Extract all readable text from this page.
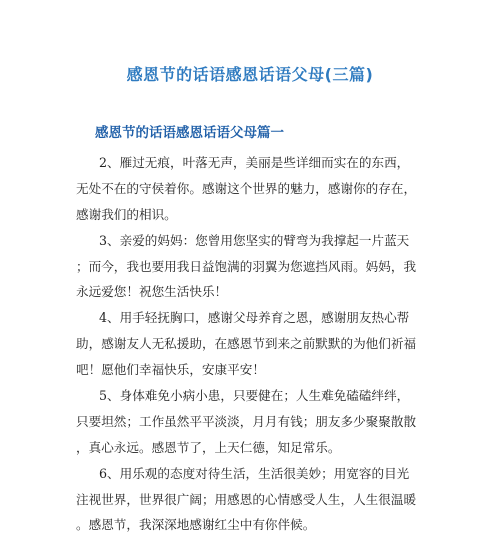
感恩节的话语感恩话语父母(三篇)
感恩节的话语感恩话语父母篇一
2、雁过无痕，叶落无声，美丽是些详细而实在的东西，
无处不在的守侯着你。感谢这个世界的魅力，感谢你的存在，
感谢我们的相识。
3、亲爱的妈妈：您曾用您坚实的臂弯为我撑起一片蓝天
；而今，我也要用我日益饱满的羽翼为您遮挡风雨。妈妈，我
永远爱您！祝您生活快乐！
4、用手轻抚胸口，感谢父母养育之恩，感谢朋友热心帮
助，感谢友人无私援助，在感恩节到来之前默默的为他们祈福
吧！愿他们幸福快乐，安康平安！
5、身体难免小病小患，只要健在；人生难免磕磕绊绊，
只要坦然；工作虽然平平淡淡，月月有钱；朋友多少聚聚散散
，真心永远。感恩节了，上天仁德，知足常乐。
6、用乐观的态度对待生活，生活很美妙；用宽容的目光
注视世界，世界很广阔；用感恩的心情感受人生，人生很温暖
。感恩节，我深深地感谢红尘中有你伴候。
